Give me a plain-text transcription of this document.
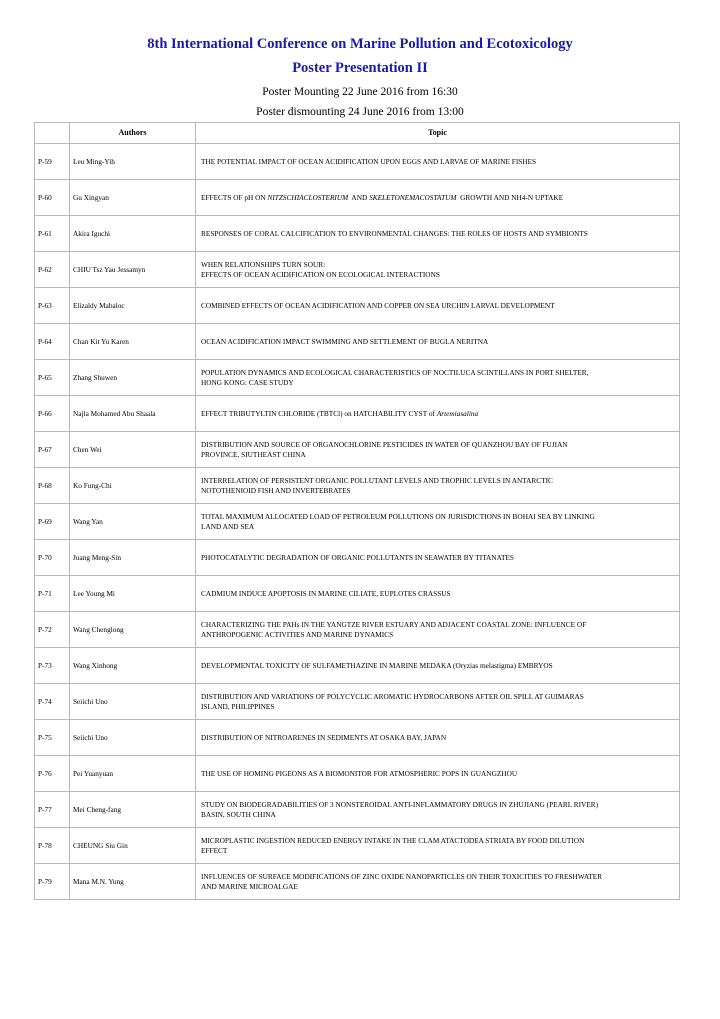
8th International Conference on Marine Pollution and Ecotoxicology
Poster Presentation II
Poster Mounting 22 June 2016 from 16:30
Poster dismounting 24 June 2016 from 13:00
	Authors	Topic
P-59	Leu Ming-Yih	THE POTENTIAL IMPACT OF OCEAN ACIDIFICATION UPON EGGS AND LARVAE OF MARINE FISHES
P-60	Gu Xingyan	EFFECTS OF pH ON NITZSCHIACLOSTERIUM  AND SKELETONEMACOSTATUM  GROWTH AND NH4-N UPTAKE
P-61	Akira Iguchi	RESPONSES OF CORAL CALCIFICATION TO ENVIRONMENTAL CHANGES: THE ROLES OF HOSTS AND SYMBIONTS
P-62	CHIU Tsz Yau Jessamyn	WHEN RELATIONSHIPS TURN SOUR:
EFFECTS OF OCEAN ACIDIFICATION ON ECOLOGICAL INTERACTIONS
P-63	Elizaldy Mabaloc	COMBINED EFFECTS OF OCEAN ACIDIFICATION AND COPPER ON SEA URCHIN LARVAL DEVELOPMENT
P-64	Chan Kit Yu Karen	OCEAN ACIDIFICATION IMPACT SWIMMING AND SETTLEMENT OF BUGLA NERITNA
P-65	Zhang Shuwen	POPULATION DYNAMICS AND ECOLOGICAL CHARACTERISTICS OF NOCTILUCA SCINTILLANS IN PORT SHELTER,
HONG KONG: CASE STUDY
P-66	Najla Mohamed Abu Shaala	EFFECT TRIBUTYLTIN CHLORIDE (TBTCl) on HATCHABILITY CYST of Artemiasalina
P-67	Chen Wei	DISTRIBUTION AND SOURCE OF ORGANOCHLORINE PESTICIDES IN WATER OF QUANZHOU BAY OF FUJIAN
PROVINCE, SIUTHEAST CHINA
P-68	Ko Fung-Chi	INTERRELATION OF PERSISTENT ORGANIC POLLUTANT LEVELS AND TROPHIC LEVELS IN ANTARCTIC
NOTOTHENIOID FISH AND INVERTEBRATES
P-69	Wang Yan	TOTAL MAXIMUM ALLOCATED LOAD OF PETROLEUM POLLUTIONS ON JURISDICTIONS IN BOHAI SEA BY LINKING
LAND AND SEA
P-70	Juang Meng-Sin	PHOTOCATALYTIC DEGRADATION OF ORGANIC POLLUTANTS IN SEAWATER BY TITANATES
P-71	Lee Young Mi	CADMIUM INDUCE APOPTOSIS IN MARINE CILIATE, EUPLOTES CRASSUS
P-72	Wang Chenglong	CHARACTERIZING THE PAHs IN THE YANGTZE RIVER ESTUARY AND ADJACENT COASTAL ZONE: INFLUENCE OF
ANTHROPOGENIC ACTIVITIES AND MARINE DYNAMICS
P-73	Wang Xinhong	DEVELOPMENTAL TOXICITY OF SULFAMETHAZINE IN MARINE MEDAKA (Oryzias melastigma) EMBRYOS
P-74	Seiichi Uno	DISTRIBUTION AND VARIATIONS OF POLYCYCLIC AROMATIC HYDROCARBONS AFTER OIL SPILL AT GUIMARAS
ISLAND, PHILIPPINES
P-75	Seiichi Uno	DISTRIBUTION OF NITROARENES IN SEDIMENTS AT OSAKA BAY, JAPAN
P-76	Pei Yuanyuan	THE USE OF HOMING PIGEONS AS A BIOMONITOR FOR ATMOSPHERIC POPS IN GUANGZHOU
P-77	Mei Cheng-fang	STUDY ON BIODEGRADABILITIES OF 3 NONSTEROIDAL ANTI-INFLAMMATORY DRUGS IN ZHUJIANG (PEARL RIVER)
BASIN, SOUTH CHINA
P-78	CHEUNG Siu Gin	MICROPLASTIC INGESTION REDUCED ENERGY INTAKE IN THE CLAM ATACTODEA STRIATA BY FOOD DILUTION
EFFECT
P-79	Mana M.N. Yung	INFLUENCES OF SURFACE MODIFICATIONS OF ZINC OXIDE NANOPARTICLES ON THEIR TOXICITIES TO FRESHWATER
AND MARINE MICROALGAE
